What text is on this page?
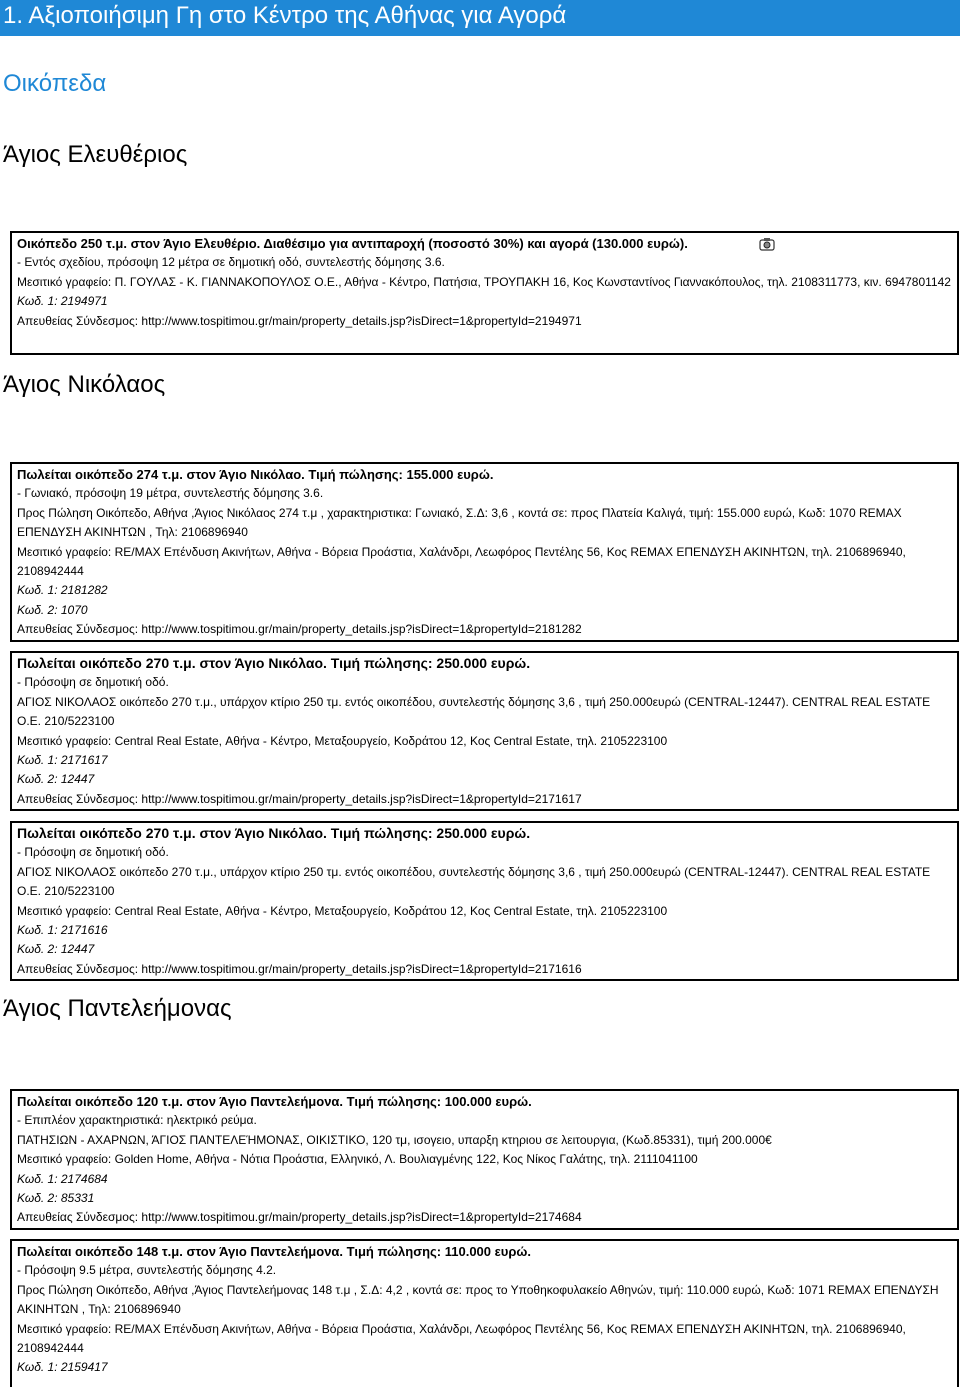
1. Αξιοποιήσιμη Γη στο Κέντρο της Αθήνας για Αγορά
Οικόπεδα
Άγιος Ελευθέριος
Οικόπεδο 250 τ.μ. στον Άγιο Ελευθέριο. Διαθέσιμο για αντιπαροχή (ποσοστό 30%) και αγορά (130.000 ευρώ).
- Εντός σχεδίου, πρόσοψη 12 μέτρα σε δημοτική οδό, συντελεστής δόμησης 3.6.
Μεσιτικό γραφείο: Π. ΓΟΥΛΑΣ - Κ. ΓΙΑΝΝΑΚΟΠΟΥΛΟΣ Ο.Ε., Αθήνα - Κέντρο, Πατήσια, ΤΡΟΥΠΑΚΗ 16, Κος Κωνσταντίνος Γιαννακόπουλος, τηλ. 2108311773, κιν. 6947801142
Κωδ. 1: 2194971
Απευθείας Σύνδεσμος: http://www.tospitimou.gr/main/property_details.jsp?isDirect=1&propertyId=2194971
Άγιος Νικόλαος
Πωλείται οικόπεδο 274 τ.μ. στον Άγιο Νικόλαο. Τιμή πώλησης: 155.000 ευρώ.
- Γωνιακό, πρόσοψη 19 μέτρα, συντελεστής δόμησης 3.6.
Προς Πώληση Οικόπεδο, Αθήνα ,Άγιος Νικόλαος 274 τ.μ , χαρακτηριστικα: Γωνιακό, Σ.Δ: 3,6 , κοντά σε: προς Πλατεία Καλιγά, τιμή: 155.000 ευρώ, Κωδ: 1070 REMAX ΕΠΕΝΔΥΣΗ ΑΚΙΝΗΤΩΝ , Τηλ: 2106896940
Μεσιτικό γραφείο: RE/MAX Επένδυση Ακινήτων, Αθήνα - Βόρεια Προάστια, Χαλάνδρι, Λεωφόρος Πεντέλης 56, Κος REMAX ΕΠΕΝΔΥΣΗ ΑΚΙΝΗΤΩΝ, τηλ. 2106896940, 2108942444
Κωδ. 1: 2181282
Κωδ. 2: 1070
Απευθείας Σύνδεσμος: http://www.tospitimou.gr/main/property_details.jsp?isDirect=1&propertyId=2181282
Πωλείται οικόπεδο 270 τ.μ. στον Άγιο Νικόλαο. Τιμή πώλησης: 250.000 ευρώ.
- Πρόσοψη σε δημοτική οδό.
ΑΓΙΟΣ ΝΙΚΟΛΑΟΣ οικόπεδο 270 τ.μ., υπάρχον κτίριο 250 τμ. εντός οικοπέδου, συντελεστής δόμησης 3,6 , τιμή 250.000ευρώ (CENTRAL-12447). CENTRAL REAL ESTATE Ο.Ε. 210/5223100
Μεσιτικό γραφείο: Central Real Estate, Αθήνα - Κέντρο, Μεταξουργείο, Κοδράτου 12, Κος Central Estate, τηλ. 2105223100
Κωδ. 1: 2171617
Κωδ. 2: 12447
Απευθείας Σύνδεσμος: http://www.tospitimou.gr/main/property_details.jsp?isDirect=1&propertyId=2171617
Πωλείται οικόπεδο 270 τ.μ. στον Άγιο Νικόλαο. Τιμή πώλησης: 250.000 ευρώ.
- Πρόσοψη σε δημοτική οδό.
ΑΓΙΟΣ ΝΙΚΟΛΑΟΣ οικόπεδο 270 τ.μ., υπάρχον κτίριο 250 τμ. εντός οικοπέδου, συντελεστής δόμησης 3,6 , τιμή 250.000ευρώ (CENTRAL-12447). CENTRAL REAL ESTATE Ο.Ε. 210/5223100
Μεσιτικό γραφείο: Central Real Estate, Αθήνα - Κέντρο, Μεταξουργείο, Κοδράτου 12, Κος Central Estate, τηλ. 2105223100
Κωδ. 1: 2171616
Κωδ. 2: 12447
Απευθείας Σύνδεσμος: http://www.tospitimou.gr/main/property_details.jsp?isDirect=1&propertyId=2171616
Άγιος Παντελεήμονας
Πωλείται οικόπεδο 120 τ.μ. στον Άγιο Παντελεήμονα. Τιμή πώλησης: 100.000 ευρώ.
- Επιπλέον χαρακτηριστικά: ηλεκτρικό ρεύμα.
ΠΑΤΗΣΙΩΝ - ΑΧΑΡΝΩΝ, ΆΓΙΟΣ ΠΑΝΤΕΛΕΉΜΟΝΑΣ, ΟΙΚΙΣΤΙΚΟ, 120 τμ, ισογειο, υπαρξη κτηριου σε λειτουργια, (Κωδ.85331), τιμή 200.000€
Μεσιτικό γραφείο: Golden Home, Αθήνα - Νότια Προάστια, Ελληνικό, Λ. Βουλιαγμένης 122, Κος Νίκος Γαλάτης, τηλ. 2111041100
Κωδ. 1: 2174684
Κωδ. 2: 85331
Απευθείας Σύνδεσμος: http://www.tospitimou.gr/main/property_details.jsp?isDirect=1&propertyId=2174684
Πωλείται οικόπεδο 148 τ.μ. στον Άγιο Παντελεήμονα. Τιμή πώλησης: 110.000 ευρώ.
- Πρόσοψη 9.5 μέτρα, συντελεστής δόμησης 4.2.
Προς Πώληση Οικόπεδο, Αθήνα ,Άγιος Παντελεήμονας 148 τ.μ , Σ.Δ: 4,2 , κοντά σε: προς το Υποθηκοφυλακείο Αθηνών, τιμή: 110.000 ευρώ, Κωδ: 1071 REMAX ΕΠΕΝΔΥΣΗ ΑΚΙΝΗΤΩΝ , Τηλ: 2106896940
Μεσιτικό γραφείο: RE/MAX Επένδυση Ακινήτων, Αθήνα - Βόρεια Προάστια, Χαλάνδρι, Λεωφόρος Πεντέλης 56, Κος REMAX ΕΠΕΝΔΥΣΗ ΑΚΙΝΗΤΩΝ, τηλ. 2106896940, 2108942444
Κωδ. 1: 2159417
